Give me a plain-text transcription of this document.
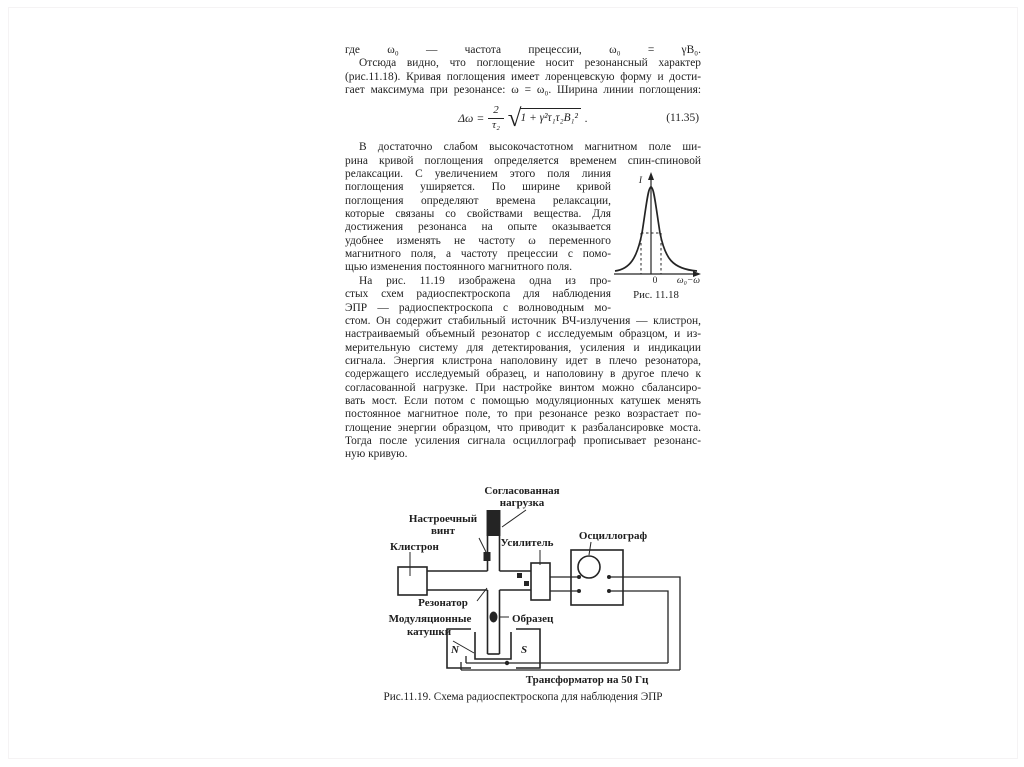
где ω₀ — частота прецессии, ω₀ = γB₀.
Отсюда видно, что поглощение носит резонансный характер
(рис.11.18). Кривая поглощения имеет лоренцевскую форму и дости-
гает максимума при резонансе: ω = ω₀. Ширина линии поглощения:
$\Delta\omega = \frac{2}{\text{τ₂}}$ √ 1 + γ²τ₁τ₂B₁² .	(11.35)
В достаточно слабом высокочастотном магнитном поле ши-
рина кривой поглощения определяется временем спин-спиновой
релаксации. С увеличением этого поля линия
поглощения уширяется. По ширине кривой
поглощения определяют времена релаксации,
которые связаны со свойствами вещества. Для
достижения резонанса на опыте оказывается
удобнее изменять не частоту ω переменного
магнитного поля, а частоту прецессии с помо-
щью изменения постоянного магнитного поля.
На рис. 11.19 изображена одна из про-
стых схем радиоспектроскопа для наблюдения
ЭПР — радиоспектроскопа с волноводным мо-
I
0 ω₀−ω
Рис. 11.18
стом. Он содержит стабильный источник ВЧ-излучения — клистрон,
настраиваемый объемный резонатор с исследуемым образцом, и из-
мерительную систему для детектирования, усиления и индикации
сигнала. Энергия клистрона наполовину идет в плечо резонатора,
содержащего исследуемый образец, и наполовину в другое плечо к
согласованной нагрузке. При настройке винтом можно сбалансиро-
вать мост. Если потом с помощью модуляционных катушек менять
постоянное магнитное поле, то при резонансе резко возрастает по-
глощение энергии образцом, что приводит к разбалансировке моста.
Тогда после усиления сигнала осциллограф прописывает резонанс-
ную кривую.
Согласованная
нагрузка
Настроечный
винт
Клистрон	Усилитель
Осциллограф
Резонатор
Модуляционные
катушки
Образец
N	S
Трансформатор на 50 Гц
Рис.11.19. Схема радиоспектроскопа для наблюдения ЭПР
